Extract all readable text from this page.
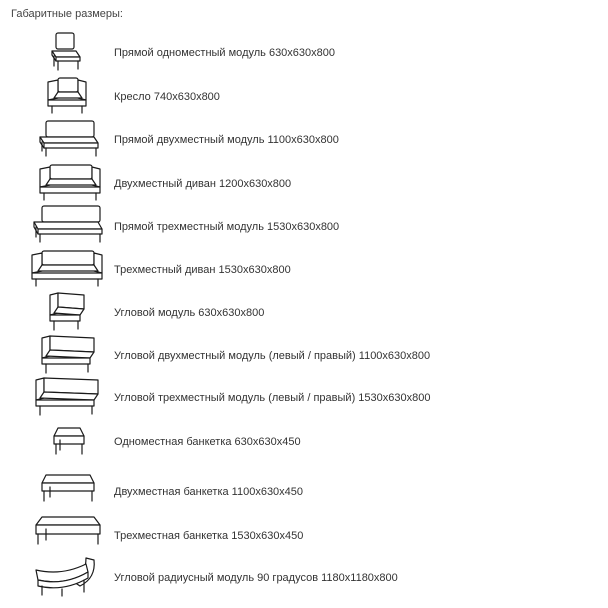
Габаритные размеры:
Прямой одноместный модуль 630x630x800
Кресло 740x630x800
Прямой двухместный модуль 1100x630x800
Двухместный диван 1200x630x800
Прямой трехместный модуль 1530x630x800
Трехместный диван 1530x630x800
Угловой модуль 630x630x800
Угловой двухместный модуль (левый / правый) 1100x630x800
Угловой трехместный модуль (левый / правый) 1530x630x800
Одноместная банкетка 630x630x450
Двухместная банкетка 1100x630x450
Трехместная банкетка 1530x630x450
Угловой радиусный модуль 90 градусов 1180x1180x800
